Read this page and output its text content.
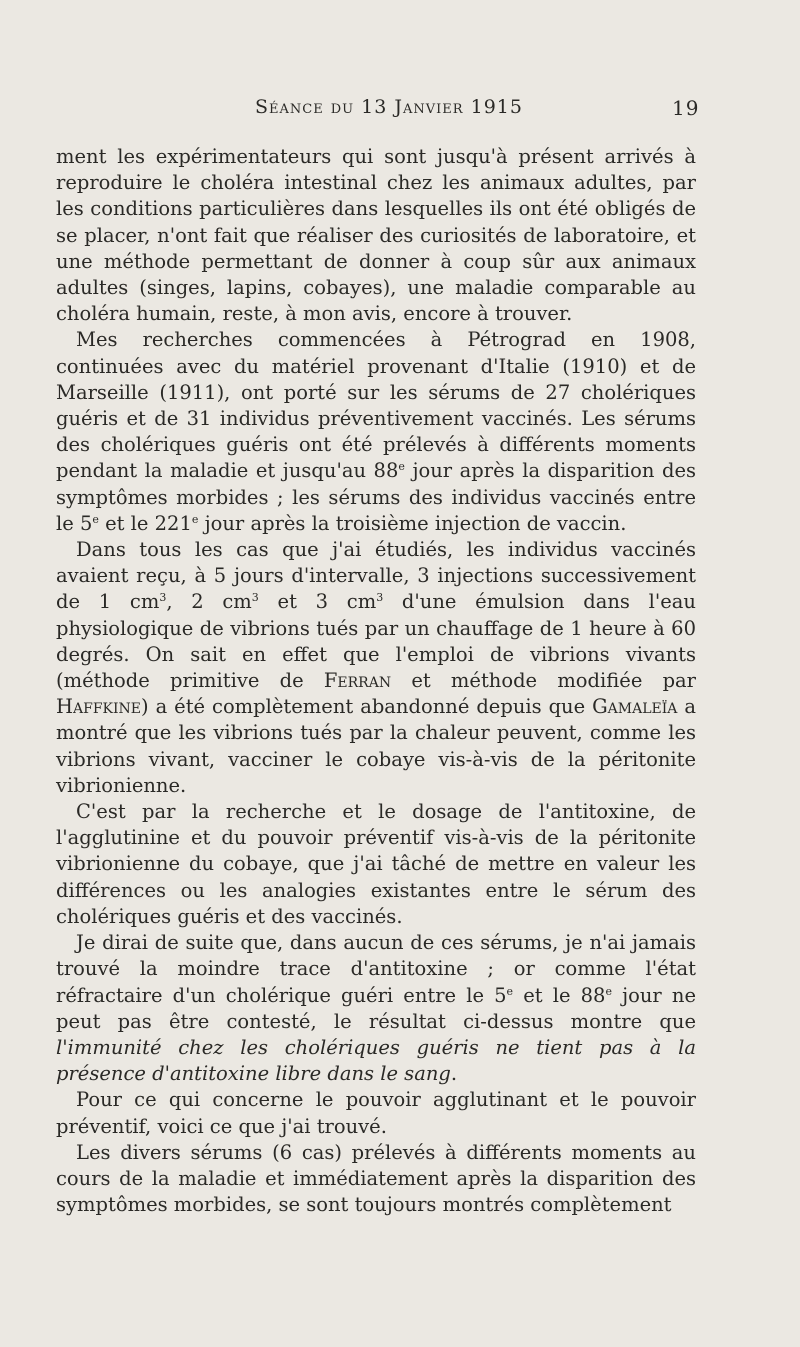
Séance du 13 Janvier 1915	19

ment les expérimentateurs qui sont jusqu'à présent arrivés à reproduire le choléra intestinal chez les animaux adultes, par les conditions particulières dans lesquelles ils ont été obligés de se placer, n'ont fait que réaliser des curiosités de laboratoire, et une méthode permettant de donner à coup sûr aux animaux adultes (singes, lapins, cobayes), une maladie comparable au choléra humain, reste, à mon avis, encore à trouver.

Mes recherches commencées à Pétrograd en 1908, continuées avec du matériel provenant d'Italie (1910) et de Marseille (1911), ont porté sur les sérums de 27 cholériques guéris et de 31 individus préventivement vaccinés. Les sérums des cholériques guéris ont été prélevés à différents moments pendant la maladie et jusqu'au 88e jour après la disparition des symptômes morbides ; les sérums des individus vaccinés entre le 5e et le 221e jour après la troisième injection de vaccin.

Dans tous les cas que j'ai étudiés, les individus vaccinés avaient reçu, à 5 jours d'intervalle, 3 injections successivement de 1 $cm^3$, 2 $cm^3$ et 3 $cm^3$ d'une émulsion dans l'eau physiologique de vibrions tués par un chauffage de 1 heure à 60 degrés. On sait en effet que l'emploi de vibrions vivants (méthode primitive de Ferran et méthode modifiée par Haffkine) a été complètement abandonné depuis que Gamaleïa a montré que les vibrions tués par la chaleur peuvent, comme les vibrions vivant, vacciner le cobaye vis-à-vis de la péritonite vibrionienne.

C'est par la recherche et le dosage de l'antitoxine, de l'agglutinine et du pouvoir préventif vis-à-vis de la péritonite vibrionienne du cobaye, que j'ai tâché de mettre en valeur les différences ou les analogies existantes entre le sérum des cholériques guéris et des vaccinés.

Je dirai de suite que, dans aucun de ces sérums, je n'ai jamais trouvé la moindre trace d'antitoxine ; or comme l'état réfractaire d'un cholérique guéri entre le 5e et le 88e jour ne peut pas être contesté, le résultat ci-dessus montre que l'immunité chez les cholériques guéris ne tient pas à la présence d'antitoxine libre dans le sang.

Pour ce qui concerne le pouvoir agglutinant et le pouvoir préventif, voici ce que j'ai trouvé.

Les divers sérums (6 cas) prélevés à différents moments au cours de la maladie et immédiatement après la disparition des symptômes morbides, se sont toujours montrés complètement
